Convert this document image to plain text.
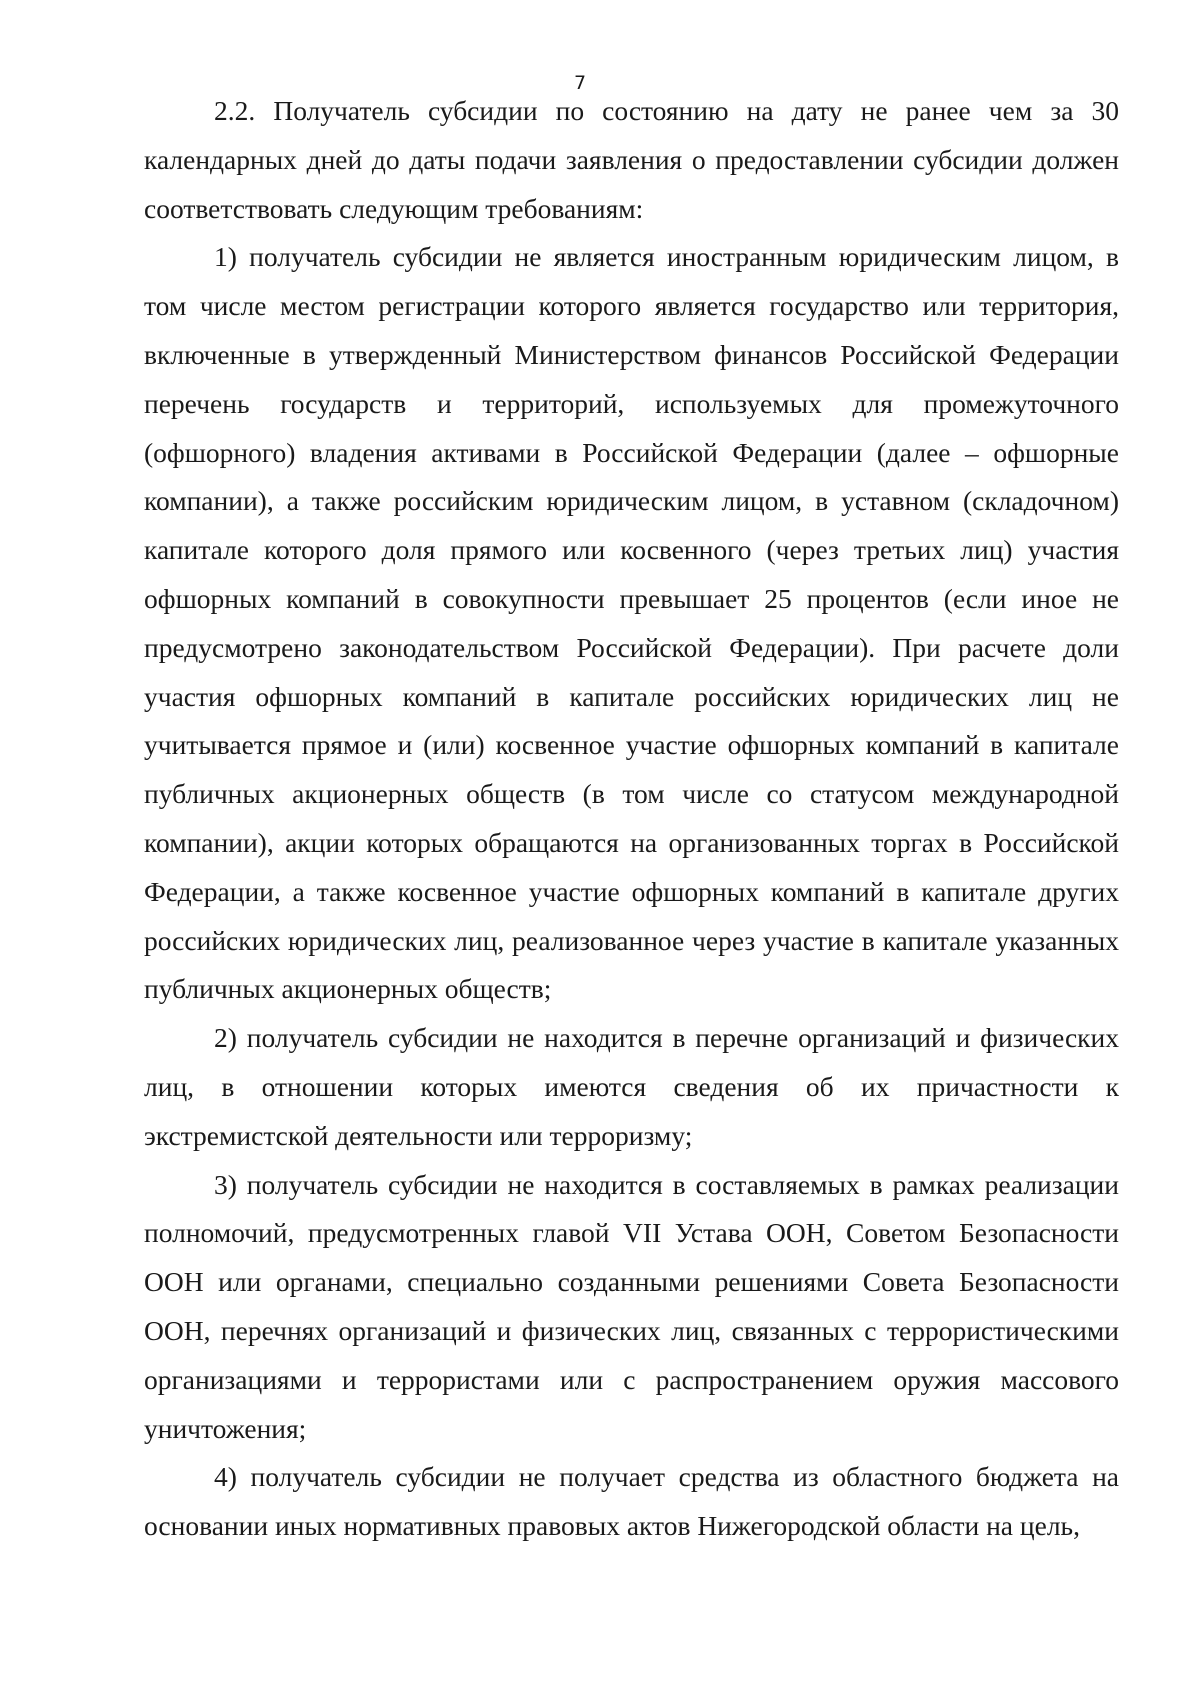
7

2.2. Получатель субсидии по состоянию на дату не ранее чем за 30 календарных дней до даты подачи заявления о предоставлении субсидии должен соответствовать следующим требованиям:

1) получатель субсидии не является иностранным юридическим лицом, в том числе местом регистрации которого является государство или территория, включенные в утвержденный Министерством финансов Российской Федерации перечень государств и территорий, используемых для промежуточного (офшорного) владения активами в Российской Федерации (далее – офшорные компании), а также российским юридическим лицом, в уставном (складочном) капитале которого доля прямого или косвенного (через третьих лиц) участия офшорных компаний в совокупности превышает 25 процентов (если иное не предусмотрено законодательством Российской Федерации). При расчете доли участия офшорных компаний в капитале российских юридических лиц не учитывается прямое и (или) косвенное участие офшорных компаний в капитале публичных акционерных обществ (в том числе со статусом международной компании), акции которых обращаются на организованных торгах в Российской Федерации, а также косвенное участие офшорных компаний в капитале других российских юридических лиц, реализованное через участие в капитале указанных публичных акционерных обществ;

2) получатель субсидии не находится в перечне организаций и физических лиц, в отношении которых имеются сведения об их причастности к экстремистской деятельности или терроризму;

3) получатель субсидии не находится в составляемых в рамках реализации полномочий, предусмотренных главой VII Устава ООН, Советом Безопасности ООН или органами, специально созданными решениями Совета Безопасности ООН, перечнях организаций и физических лиц, связанных с террористическими организациями и террористами или с распространением оружия массового уничтожения;

4) получатель субсидии не получает средства из областного бюджета на основании иных нормативных правовых актов Нижегородской области на цель,
